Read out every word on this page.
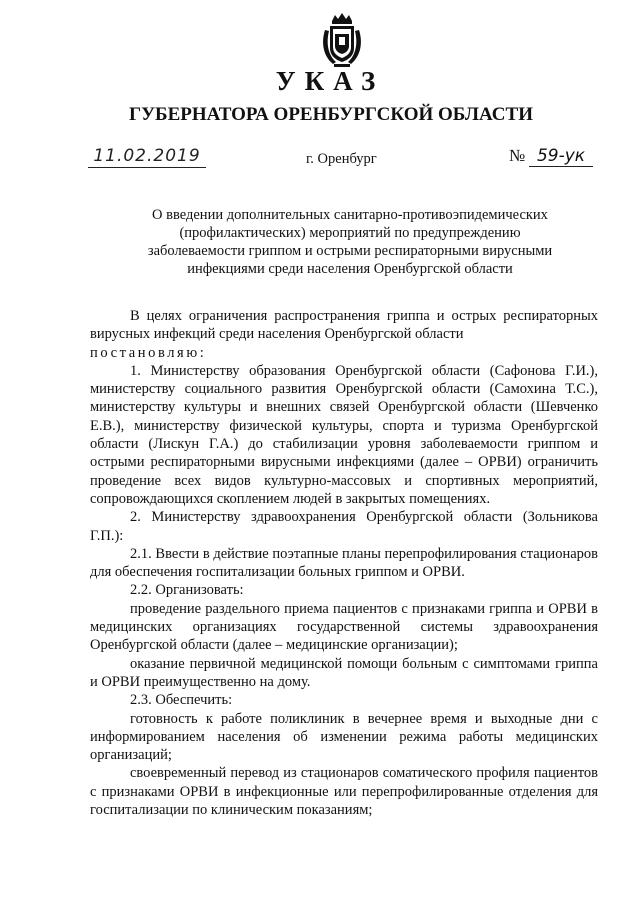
УКАЗ
ГУБЕРНАТОРА ОРЕНБУРГСКОЙ ОБЛАСТИ
11.02.2019	г. Оренбург	№ 59-ук
О введении дополнительных санитарно-противоэпидемических
(профилактических) мероприятий по предупреждению
заболеваемости гриппом и острыми респираторными вирусными
инфекциями среди населения Оренбургской области

В целях ограничения распространения гриппа и острых респираторных вирусных инфекций среди населения Оренбургской области

постановляю:

1. Министерству образования Оренбургской области (Сафонова Г.И.), министерству социального развития Оренбургской области (Самохина Т.С.), министерству культуры и внешних связей Оренбургской области (Шевченко Е.В.), министерству физической культуры, спорта и туризма Оренбургской области (Лискун Г.А.) до стабилизации уровня заболеваемости гриппом и острыми респираторными вирусными инфекциями (далее – ОРВИ) ограничить проведение всех видов культурно-массовых и спортивных мероприятий, сопровождающихся скоплением людей в закрытых помещениях.

2. Министерству здравоохранения Оренбургской области (Зольникова Г.П.):

2.1. Ввести в действие поэтапные планы перепрофилирования стационаров для обеспечения госпитализации больных гриппом и ОРВИ.

2.2. Организовать:

проведение раздельного приема пациентов с признаками гриппа и ОРВИ в медицинских организациях государственной системы здравоохранения Оренбургской области (далее – медицинские организации);

оказание первичной медицинской помощи больным с симптомами гриппа и ОРВИ преимущественно на дому.

2.3. Обеспечить:

готовность к работе поликлиник в вечернее время и выходные дни с информированием населения об изменении режима работы медицинских организаций;

своевременный перевод из стационаров соматического профиля пациентов с признаками ОРВИ в инфекционные или перепрофилированные отделения для госпитализации по клиническим показаниям;
